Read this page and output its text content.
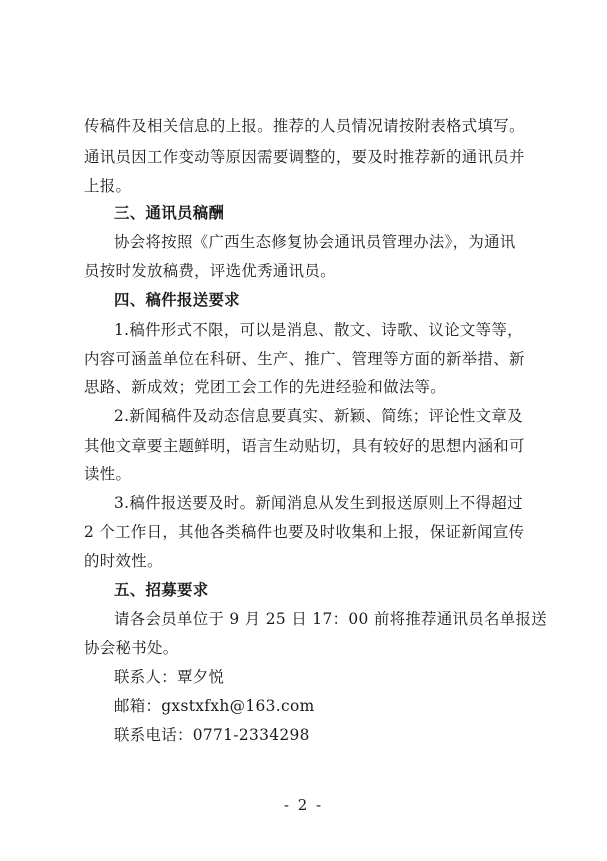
传稿件及相关信息的上报。推荐的人员情况请按附表格式填写。
通讯员因工作变动等原因需要调整的，要及时推荐新的通讯员并
上报。
三、通讯员稿酬
协会将按照《广西生态修复协会通讯员管理办法》，为通讯
员按时发放稿费，评选优秀通讯员。
四、稿件报送要求
1.稿件形式不限，可以是消息、散文、诗歌、议论文等等，
内容可涵盖单位在科研、生产、推广、管理等方面的新举措、新
思路、新成效；党团工会工作的先进经验和做法等。
2.新闻稿件及动态信息要真实、新颖、简练；评论性文章及
其他文章要主题鲜明，语言生动贴切，具有较好的思想内涵和可
读性。
3.稿件报送要及时。新闻消息从发生到报送原则上不得超过
2 个工作日，其他各类稿件也要及时收集和上报，保证新闻宣传
的时效性。
五、招募要求
请各会员单位于 9 月 25 日 17：00 前将推荐通讯员名单报送
协会秘书处。
联系人：覃夕悦
邮箱：gxstxfxh@163.com
联系电话：0771-2334298
- 2 -
